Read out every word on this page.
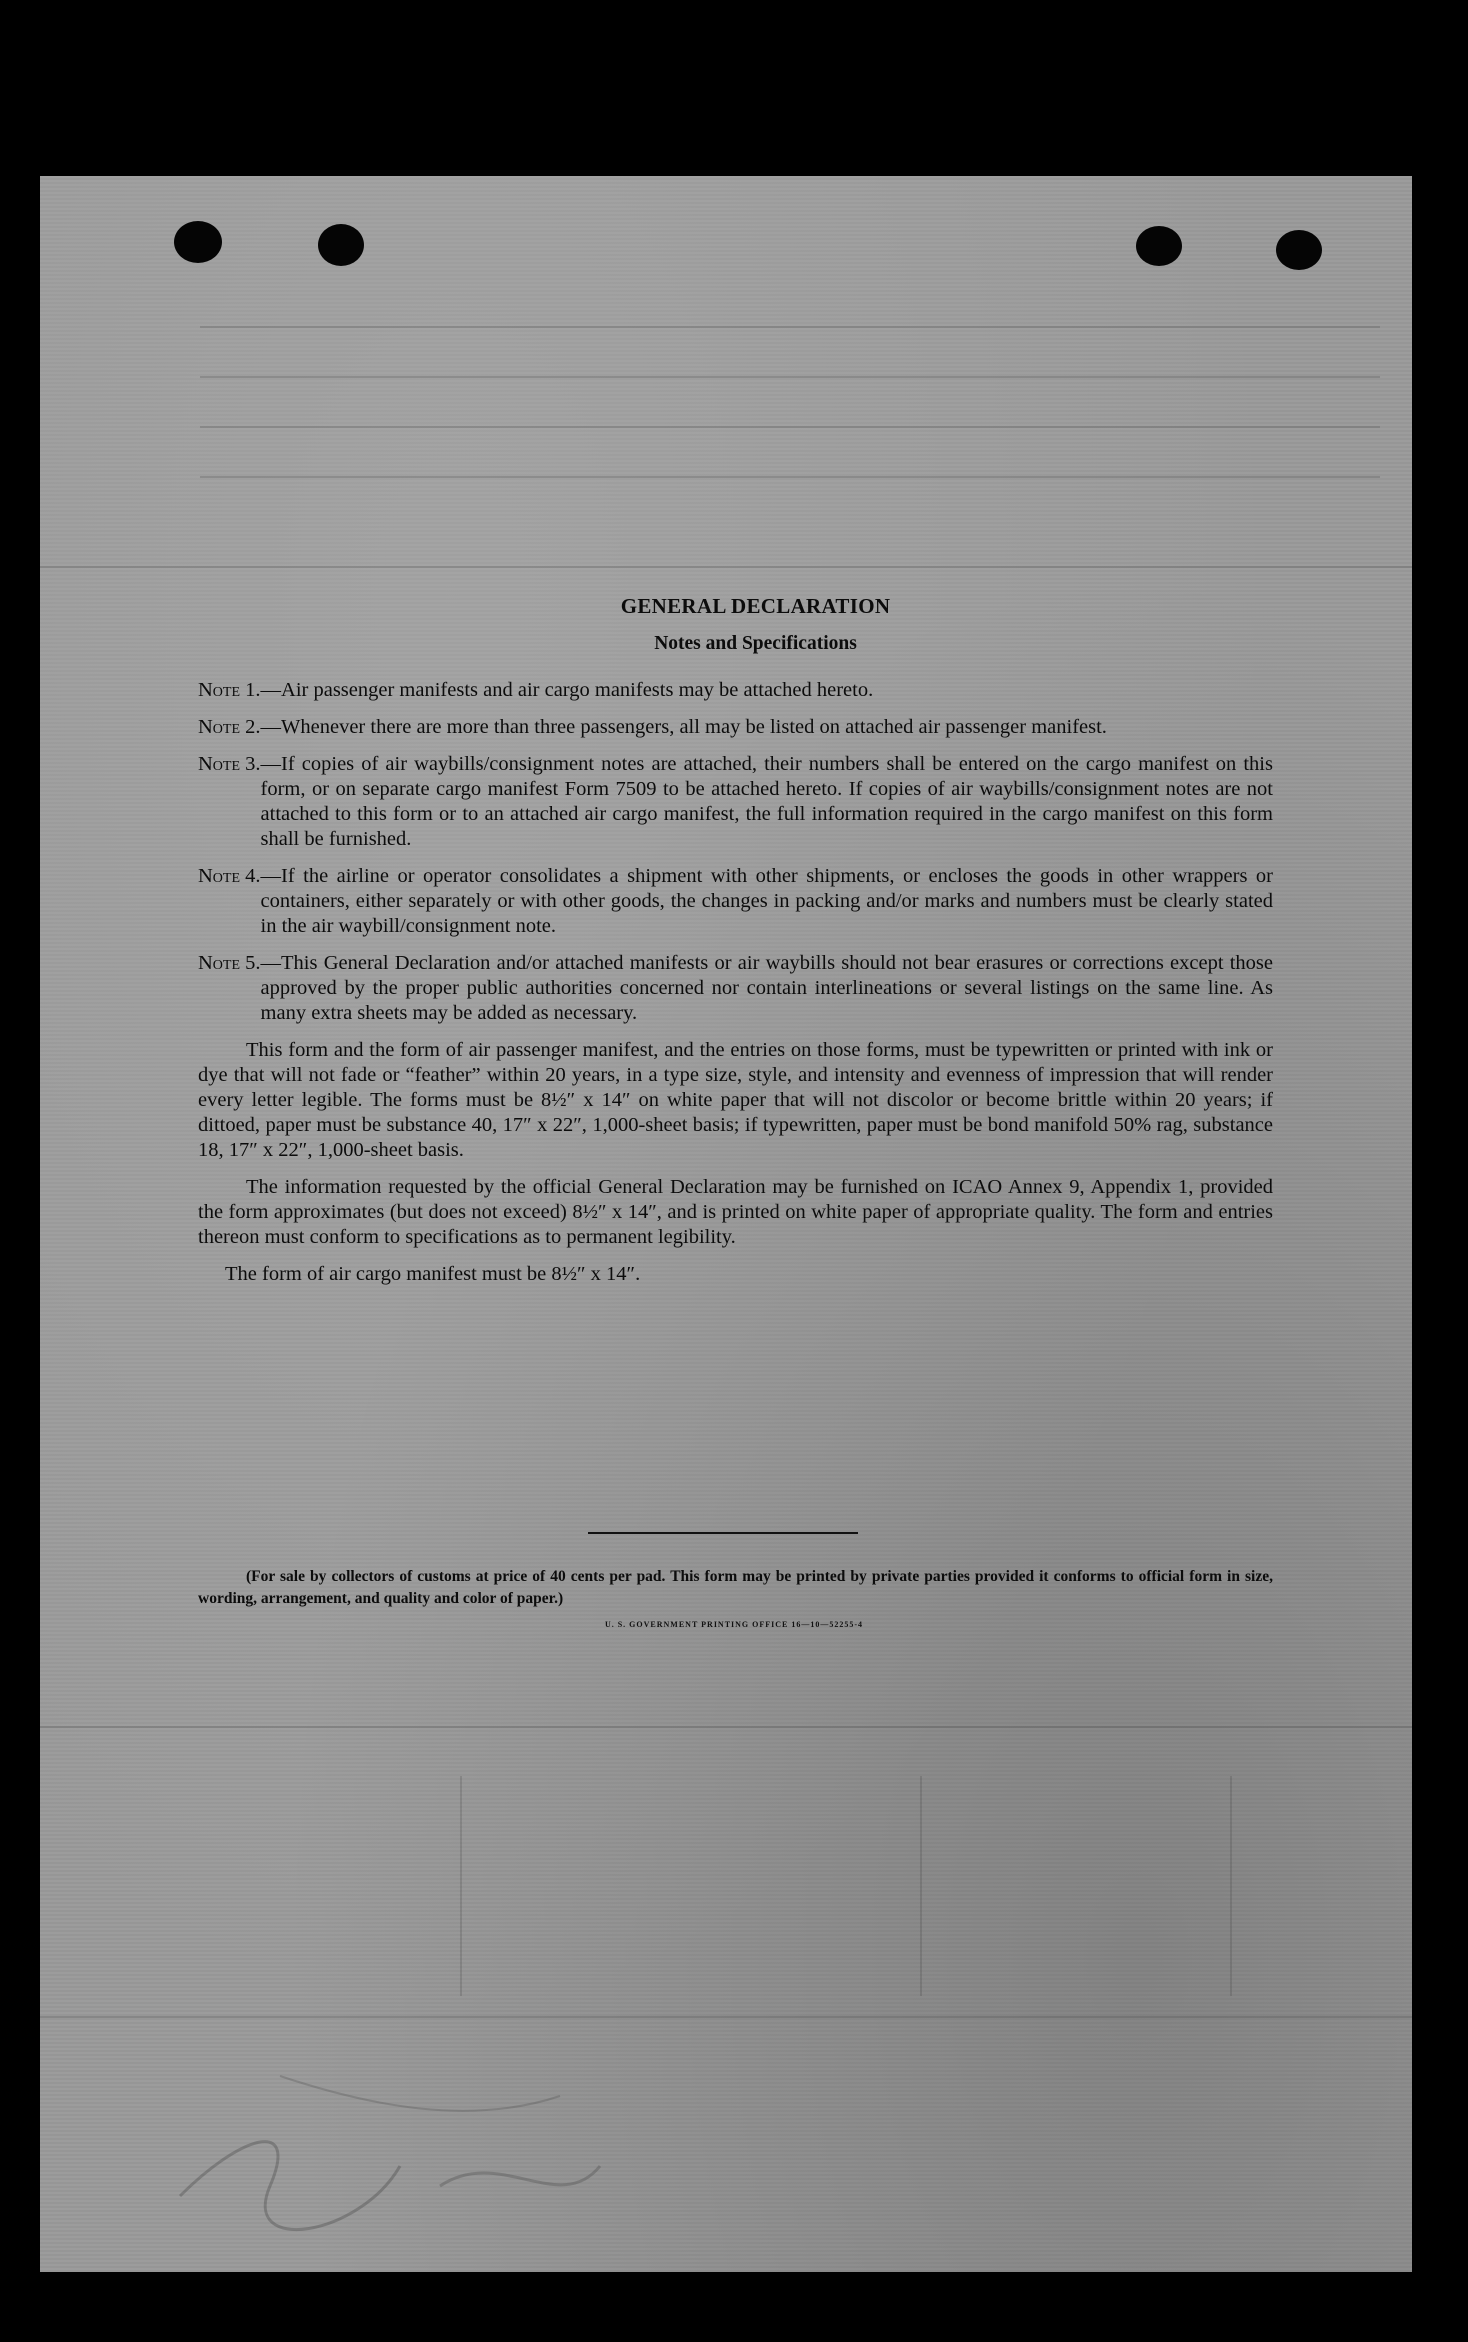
GENERAL DECLARATION

Notes and Specifications

Note 1. —Air passenger manifests and air cargo manifests may be attached hereto.
Note 2. —Whenever there are more than three passengers, all may be listed on attached air passenger manifest.
Note 3. —If copies of air waybills/consignment notes are attached, their numbers shall be entered on the cargo manifest on this form, or on separate cargo manifest Form 7509 to be attached hereto. If copies of air waybills/consignment notes are not attached to this form or to an attached air cargo manifest, the full information required in the cargo manifest on this form shall be furnished.
Note 4. —If the airline or operator consolidates a shipment with other shipments, or encloses the goods in other wrappers or containers, either separately or with other goods, the changes in packing and/or marks and numbers must be clearly stated in the air waybill/consignment note.
Note 5. —This General Declaration and/or attached manifests or air waybills should not bear erasures or corrections except those approved by the proper public authorities concerned nor contain interlineations or several listings on the same line. As many extra sheets may be added as necessary.

This form and the form of air passenger manifest, and the entries on those forms, must be typewritten or printed with ink or dye that will not fade or “feather” within 20 years, in a type size, style, and intensity and evenness of impression that will render every letter legible. The forms must be 8½″ x 14″ on white paper that will not discolor or become brittle within 20 years; if dittoed, paper must be substance 40, 17″ x 22″, 1,000-sheet basis; if typewritten, paper must be bond manifold 50% rag, substance 18, 17″ x 22″, 1,000-sheet basis.

The information requested by the official General Declaration may be furnished on ICAO Annex 9, Appendix 1, provided the form approximates (but does not exceed) 8½″ x 14″, and is printed on white paper of appropriate quality. The form and entries thereon must conform to specifications as to permanent legibility.

The form of air cargo manifest must be 8½″ x 14″.

(For sale by collectors of customs at price of 40 cents per pad. This form may be printed by private parties provided it conforms to official form in size, wording, arrangement, and quality and color of paper.)

U. S. GOVERNMENT PRINTING OFFICE 16—10—52255-4
